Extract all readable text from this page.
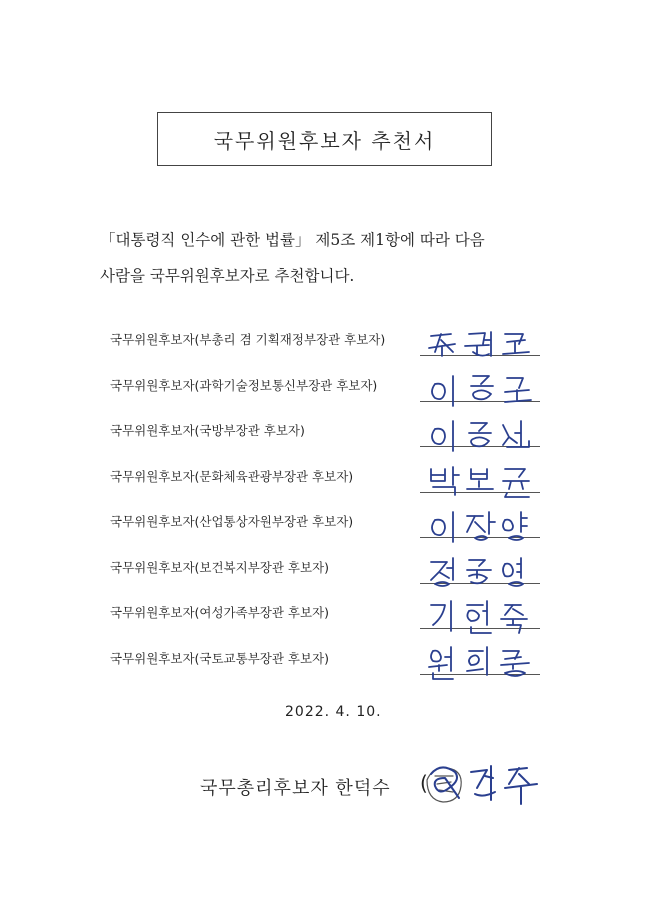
국무위원후보자 추천서
「대통령직 인수에 관한 법률」 제5조 제1항에 따라 다음
사람을 국무위원후보자로 추천합니다.
국무위원후보자(부총리 겸 기획재정부장관 후보자)
국무위원후보자(과학기술정보통신부장관 후보자)
국무위원후보자(국방부장관 후보자)
국무위원후보자(문화체육관광부장관 후보자)
국무위원후보자(산업통상자원부장관 후보자)
국무위원후보자(보건복지부장관 후보자)
국무위원후보자(여성가족부장관 후보자)
국무위원후보자(국토교통부장관 후보자)
2022. 4. 10.
국무총리후보자 한덕수 (
